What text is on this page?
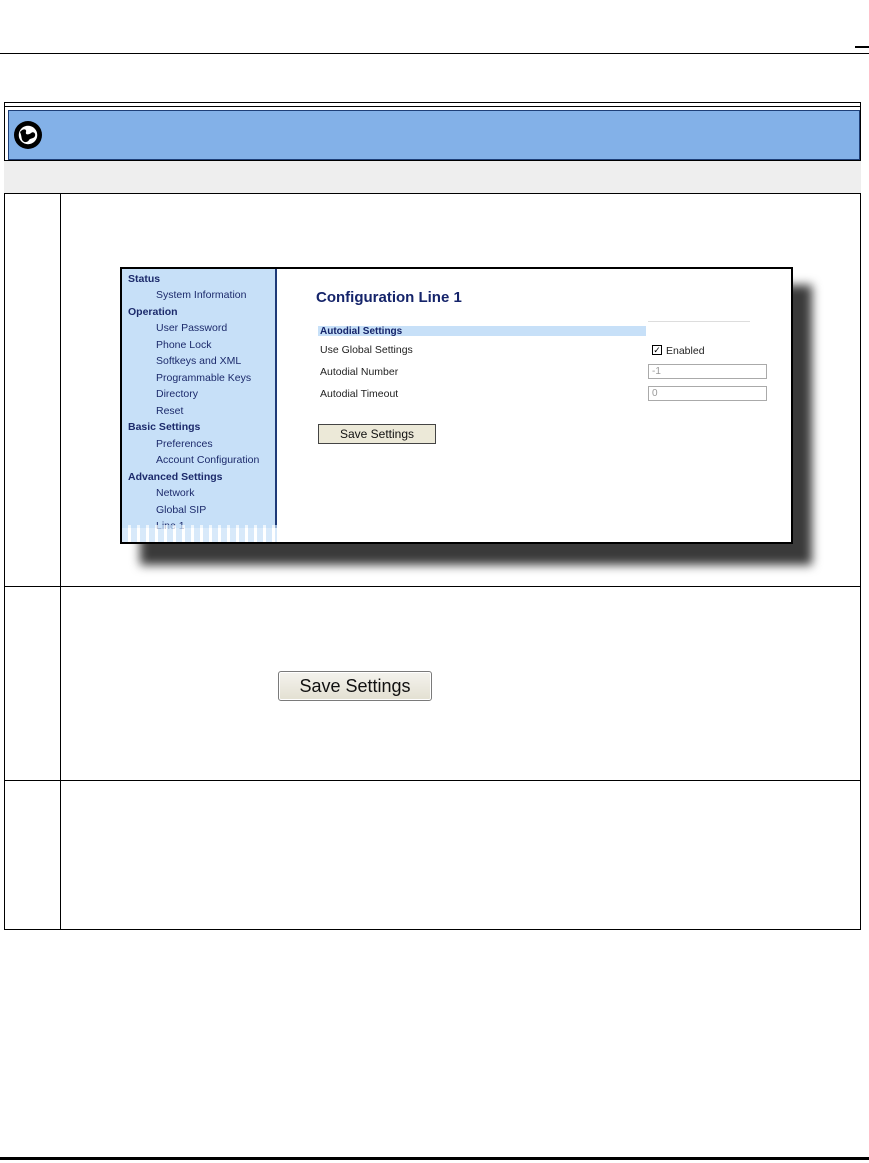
Status
System Information
Operation
User Password
Phone Lock
Softkeys and XML
Programmable Keys
Directory
Reset
Basic Settings
Preferences
Account Configuration
Advanced Settings
Network
Global SIP
Configuration Line 1
Autodial Settings
Use Global Settings	✓ Enabled
Autodial Number	-1
Autodial Timeout	0
Save Settings
Save Settings
